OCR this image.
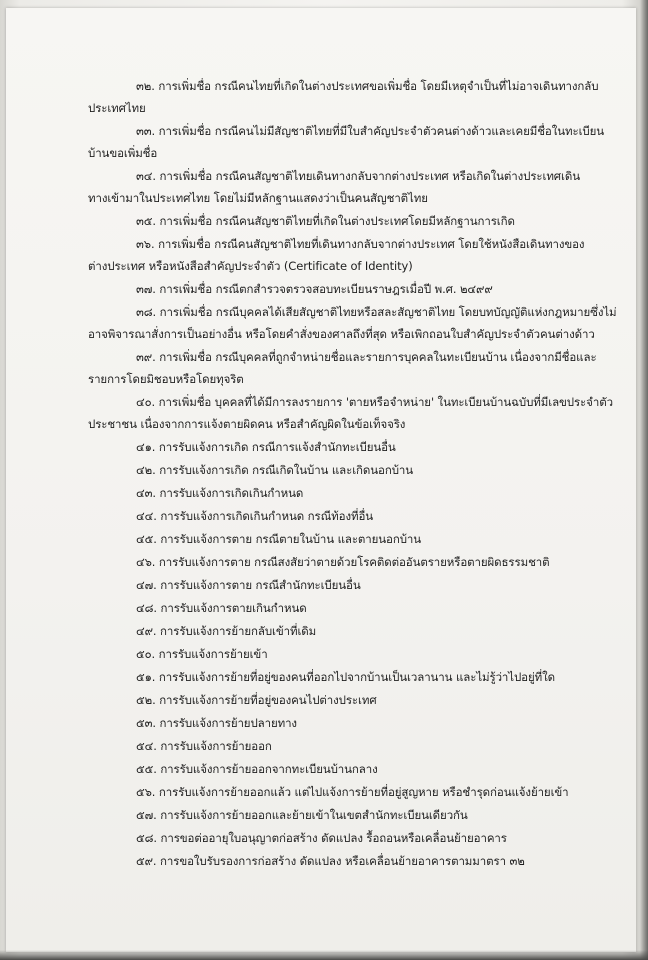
๓๒. การเพิ่มชื่อ กรณีคนไทยที่เกิดในต่างประเทศขอเพิ่มชื่อ โดยมีเหตุจำเป็นที่ไม่อาจเดินทางกลับ
ประเทศไทย
๓๓. การเพิ่มชื่อ กรณีคนไม่มีสัญชาติไทยที่มีใบสำคัญประจำตัวคนต่างด้าวและเคยมีชื่อในทะเบียน
บ้านขอเพิ่มชื่อ
๓๔. การเพิ่มชื่อ กรณีคนสัญชาติไทยเดินทางกลับจากต่างประเทศ หรือเกิดในต่างประเทศเดิน
ทางเข้ามาในประเทศไทย โดยไม่มีหลักฐานแสดงว่าเป็นคนสัญชาติไทย
๓๕. การเพิ่มชื่อ กรณีคนสัญชาติไทยที่เกิดในต่างประเทศโดยมีหลักฐานการเกิด
๓๖. การเพิ่มชื่อ กรณีคนสัญชาติไทยที่เดินทางกลับจากต่างประเทศ โดยใช้หนังสือเดินทางของ
ต่างประเทศ หรือหนังสือสำคัญประจำตัว (Certificate of Identity)
๓๗. การเพิ่มชื่อ กรณีตกสำรวจตรวจสอบทะเบียนราษฎรเมื่อปี พ.ศ. ๒๔๙๙
๓๘. การเพิ่มชื่อ กรณีบุคคลได้เสียสัญชาติไทยหรือสละสัญชาติไทย โดยบทบัญญัติแห่งกฎหมายซึ่งไม่
อาจพิจารณาสั่งการเป็นอย่างอื่น หรือโดยคำสั่งของศาลถึงที่สุด หรือเพิกถอนใบสำคัญประจำตัวคนต่างด้าว
๓๙. การเพิ่มชื่อ กรณีบุคคลที่ถูกจำหน่ายชื่อและรายการบุคคลในทะเบียนบ้าน เนื่องจากมีชื่อและ
รายการโดยมิชอบหรือโดยทุจริต
๔๐. การเพิ่มชื่อ บุคคลที่ได้มีการลงรายการ 'ตายหรือจำหน่าย' ในทะเบียนบ้านฉบับที่มีเลขประจำตัว
ประชาชน เนื่องจากการแจ้งตายผิดคน หรือสำคัญผิดในข้อเท็จจริง
๔๑. การรับแจ้งการเกิด กรณีการแจ้งสำนักทะเบียนอื่น
๔๒. การรับแจ้งการเกิด กรณีเกิดในบ้าน และเกิดนอกบ้าน
๔๓. การรับแจ้งการเกิดเกินกำหนด
๔๔. การรับแจ้งการเกิดเกินกำหนด กรณีท้องที่อื่น
๔๕. การรับแจ้งการตาย กรณีตายในบ้าน และตายนอกบ้าน
๔๖. การรับแจ้งการตาย กรณีสงสัยว่าตายด้วยโรคติดต่ออันตรายหรือตายผิดธรรมชาติ
๔๗. การรับแจ้งการตาย กรณีสำนักทะเบียนอื่น
๔๘. การรับแจ้งการตายเกินกำหนด
๔๙. การรับแจ้งการย้ายกลับเข้าที่เดิม
๕๐. การรับแจ้งการย้ายเข้า
๕๑. การรับแจ้งการย้ายที่อยู่ของคนที่ออกไปจากบ้านเป็นเวลานาน และไม่รู้ว่าไปอยู่ที่ใด
๕๒. การรับแจ้งการย้ายที่อยู่ของคนไปต่างประเทศ
๕๓. การรับแจ้งการย้ายปลายทาง
๕๔. การรับแจ้งการย้ายออก
๕๕. การรับแจ้งการย้ายออกจากทะเบียนบ้านกลาง
๕๖. การรับแจ้งการย้ายออกแล้ว แต่ไปแจ้งการย้ายที่อยู่สูญหาย หรือชำรุดก่อนแจ้งย้ายเข้า
๕๗. การรับแจ้งการย้ายออกและย้ายเข้าในเขตสำนักทะเบียนเดียวกัน
๕๘. การขอต่ออายุใบอนุญาตก่อสร้าง ดัดแปลง รื้อถอนหรือเคลื่อนย้ายอาคาร
๕๙. การขอใบรับรองการก่อสร้าง ดัดแปลง หรือเคลื่อนย้ายอาคารตามมาตรา ๓๒
